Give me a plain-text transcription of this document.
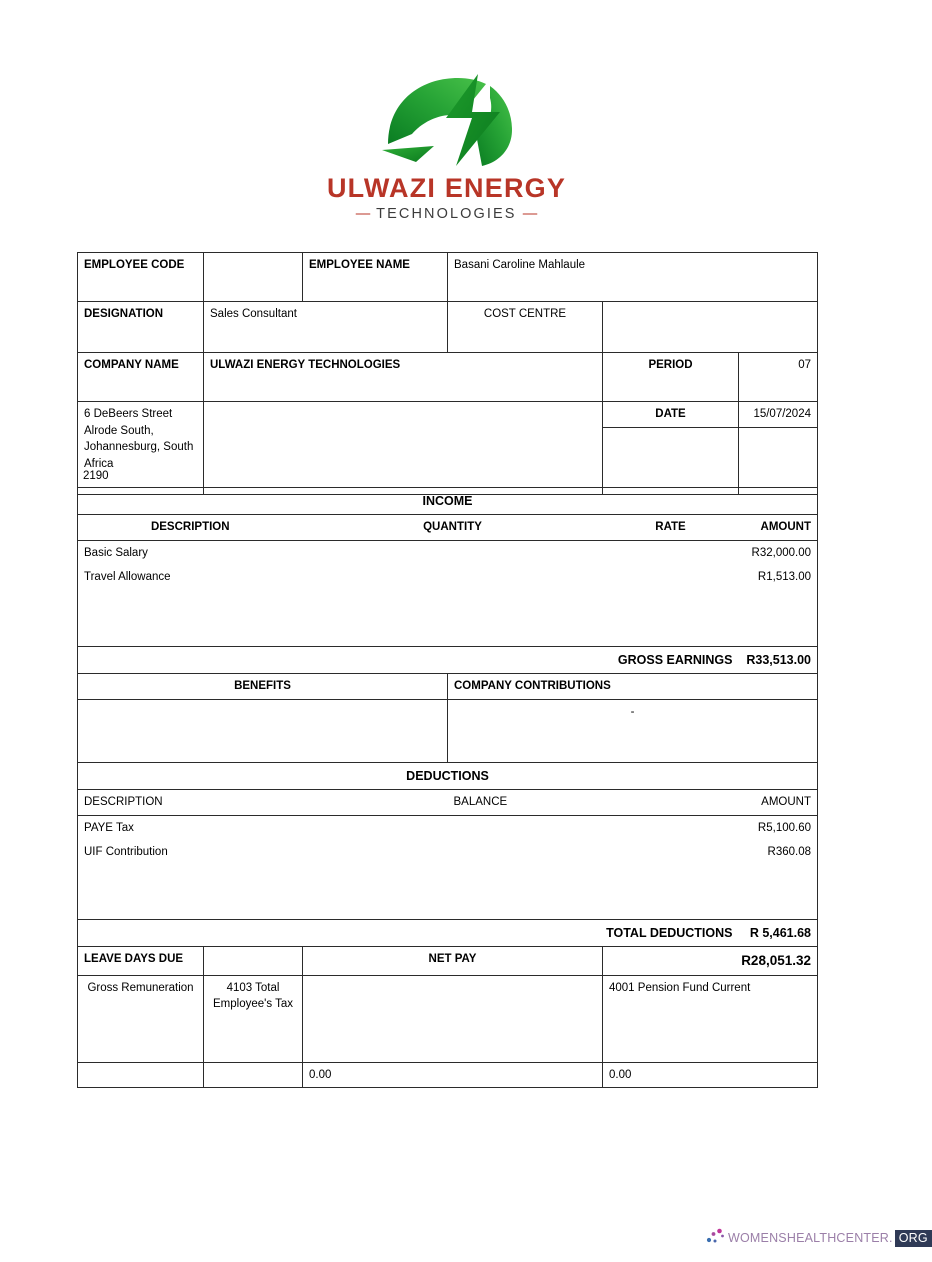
ULWAZI ENERGY
— TECHNOLOGIES —
EMPLOYEE CODE		EMPLOYEE NAME	Basani Caroline Mahlaule		
DESIGNATION	Sales Consultant		COST CENTRE		
COMPANY NAME	ULWAZI ENERGY TECHNOLOGIES			PERIOD	07
6 DeBeers Street Alrode South, Johannesburg, South Africa				DATE	15/07/2024

2190
INCOME						
DESCRIPTION		QUANTITY		RATE		AMOUNT
Basic Salary						R32,000.00
Travel Allowance						R1,513.00

GROSS EARNINGS						R33,513.00
BENEFITS			COMPANY CONTRIBUTIONS			
			-			
DEDUCTIONS						
DESCRIPTION			BALANCE		AMOUNT	
PAYE Tax					R5,100.60	
UIF Contribution					R360.08	

TOTAL DEDUCTIONS						R 5,461.68
LEAVE DAYS DUE		NET PAY		R28,051.32		
Gross Remuneration	4103 Total Employee's Tax			4001 Pension Fund Current		
		0.00		0.00		
WOMENSHEALTHCENTER. ORG
